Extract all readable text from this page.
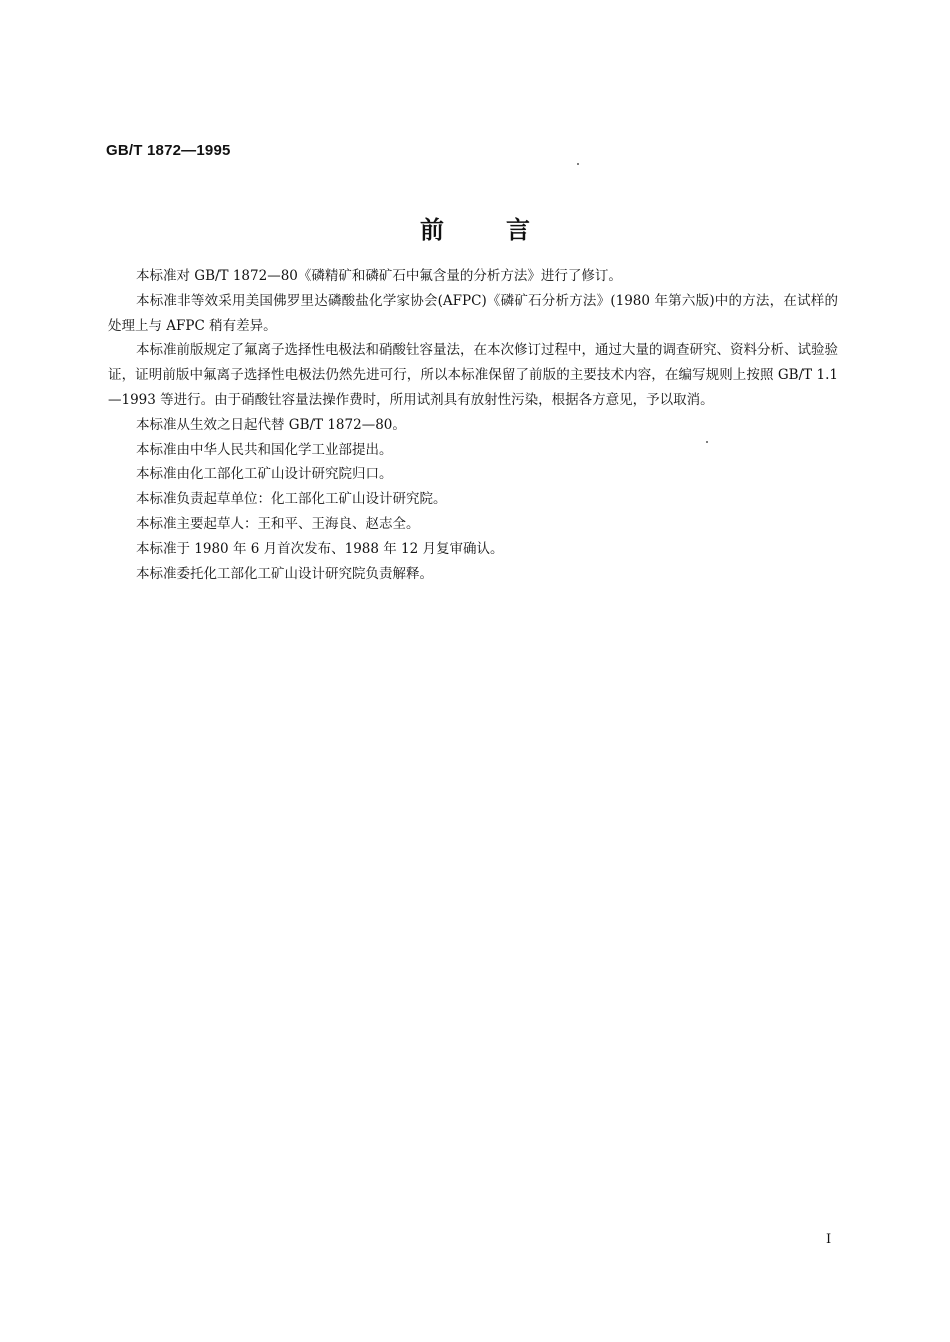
GB/T 1872—1995
前言

本标准对 GB/T 1872—80《磷精矿和磷矿石中氟含量的分析方法》进行了修订。

本标准非等效采用美国佛罗里达磷酸盐化学家协会(AFPC)《磷矿石分析方法》(1980 年第六版)中的方法，在试样的处理上与 AFPC 稍有差异。

本标准前版规定了氟离子选择性电极法和硝酸钍容量法，在本次修订过程中，通过大量的调查研究、资料分析、试验验证，证明前版中氟离子选择性电极法仍然先进可行，所以本标准保留了前版的主要技术内容，在编写规则上按照 GB/T 1.1—1993 等进行。由于硝酸钍容量法操作费时，所用试剂具有放射性污染，根据各方意见，予以取消。

本标准从生效之日起代替 GB/T 1872—80。

本标准由中华人民共和国化学工业部提出。

本标准由化工部化工矿山设计研究院归口。

本标准负责起草单位：化工部化工矿山设计研究院。

本标准主要起草人：王和平、王海良、赵志全。

本标准于 1980 年 6 月首次发布、1988 年 12 月复审确认。

本标准委托化工部化工矿山设计研究院负责解释。

I
